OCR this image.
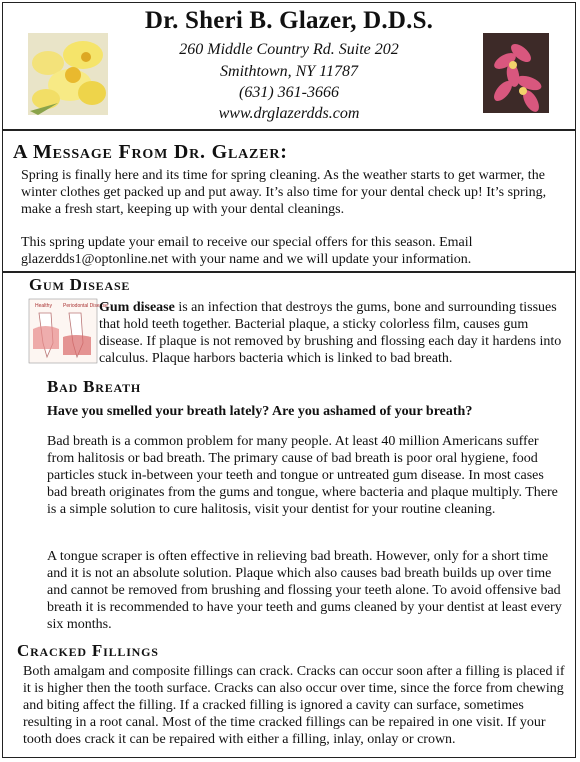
Dr. Sheri B. Glazer, D.D.S.
260 Middle Country Rd. Suite 202
Smithtown, NY 11787
(631) 361-3666
www.drglazerdds.com
A Message From Dr. Glazer:
Spring is finally here and its time for spring cleaning. As the weather starts to get warmer, the winter clothes get packed up and put away. It’s also time for your dental check up! It’s spring, make a fresh start, keeping up with your dental cleanings.
This spring update your email to receive our special offers for this season. Email glazerdds1@optonline.net with your name and we will update your information.
Gum Disease
Healthy Periodontal Disease
Gum disease is an infection that destroys the gums, bone and surrounding tissues that hold teeth together. Bacterial plaque, a sticky colorless film, causes gum disease. If plaque is not removed by brushing and flossing each day it hardens into calculus. Plaque harbors bacteria which is linked to bad breath.
Bad Breath
Have you smelled your breath lately? Are you ashamed of your breath?
Bad breath is a common problem for many people. At least 40 million Americans suffer from halitosis or bad breath. The primary cause of bad breath is poor oral hygiene, food particles stuck in-between your teeth and tongue or untreated gum disease. In most cases bad breath originates from the gums and tongue, where bacteria and plaque multiply. There is a simple solution to cure halitosis, visit your dentist for your routine cleaning.
A tongue scraper is often effective in relieving bad breath. However, only for a short time and it is not an absolute solution. Plaque which also causes bad breath builds up over time and cannot be removed from brushing and flossing your teeth alone. To avoid offensive bad breath it is recommended to have your teeth and gums cleaned by your dentist at least every six months.
Cracked Fillings
Both amalgam and composite fillings can crack. Cracks can occur soon after a filling is placed if it is higher then the tooth surface. Cracks can also occur over time, since the force from chewing and biting affect the filling. If a cracked filling is ignored a cavity can surface, sometimes resulting in a root canal. Most of the time cracked fillings can be repaired in one visit. If your tooth does crack it can be repaired with either a filling, inlay, onlay or crown.
